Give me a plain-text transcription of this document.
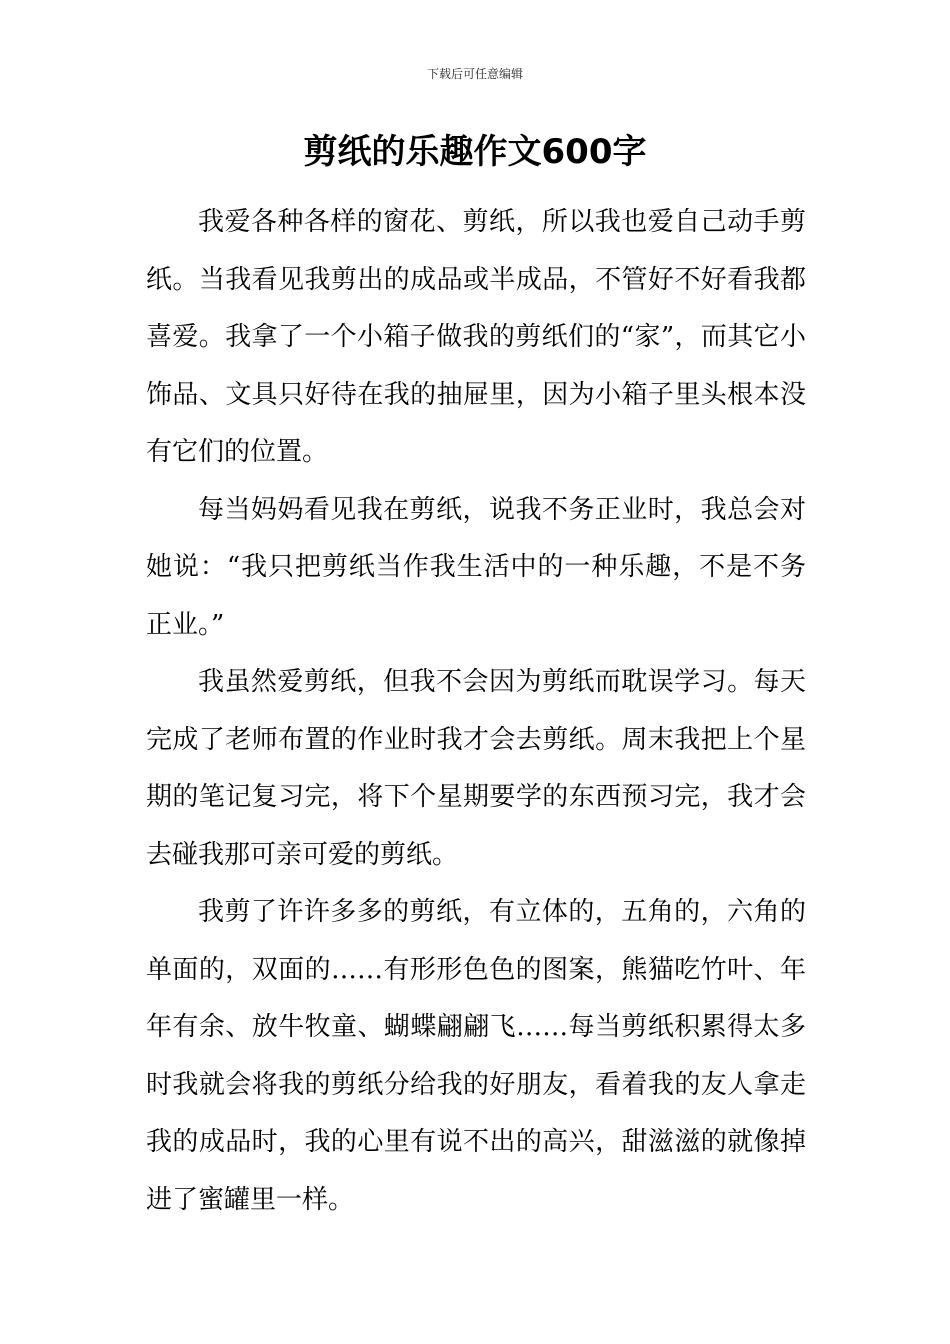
下载后可任意编辑
剪纸的乐趣作文600字

我爱各种各样的窗花、剪纸，所以我也爱自己动手剪纸。当我看见我剪出的成品或半成品，不管好不好看我都喜爱。我拿了一个小箱子做我的剪纸们的“家”，而其它小饰品、文具只好待在我的抽屉里，因为小箱子里头根本没有它们的位置。

每当妈妈看见我在剪纸，说我不务正业时，我总会对她说：“我只把剪纸当作我生活中的一种乐趣，不是不务正业。”

我虽然爱剪纸，但我不会因为剪纸而耽误学习。每天完成了老师布置的作业时我才会去剪纸。周末我把上个星期的笔记复习完，将下个星期要学的东西预习完，我才会去碰我那可亲可爱的剪纸。

我剪了许许多多的剪纸，有立体的，五角的，六角的单面的，双面的……有形形色色的图案，熊猫吃竹叶、年年有余、放牛牧童、蝴蝶翩翩飞……每当剪纸积累得太多时我就会将我的剪纸分给我的好朋友，看着我的友人拿走我的成品时，我的心里有说不出的高兴，甜滋滋的就像掉进了蜜罐里一样。
